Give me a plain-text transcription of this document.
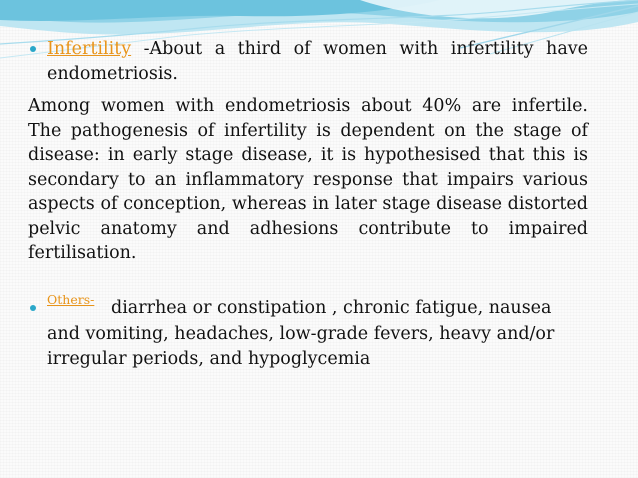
Infertility -About a third of women with infertility have
endometriosis.
Among women with endometriosis about 40% are infertile.
The pathogenesis of infertility is dependent on the stage of
disease: in early stage disease, it is hypothesised that this is
secondary to an inflammatory response that impairs various
aspects of conception, whereas in later stage disease distorted
pelvic anatomy and adhesions contribute to impaired
fertilisation.
Others- diarrhea or constipation , chronic fatigue, nausea
and vomiting, headaches, low-grade fevers, heavy and/or
irregular periods, and hypoglycemia
